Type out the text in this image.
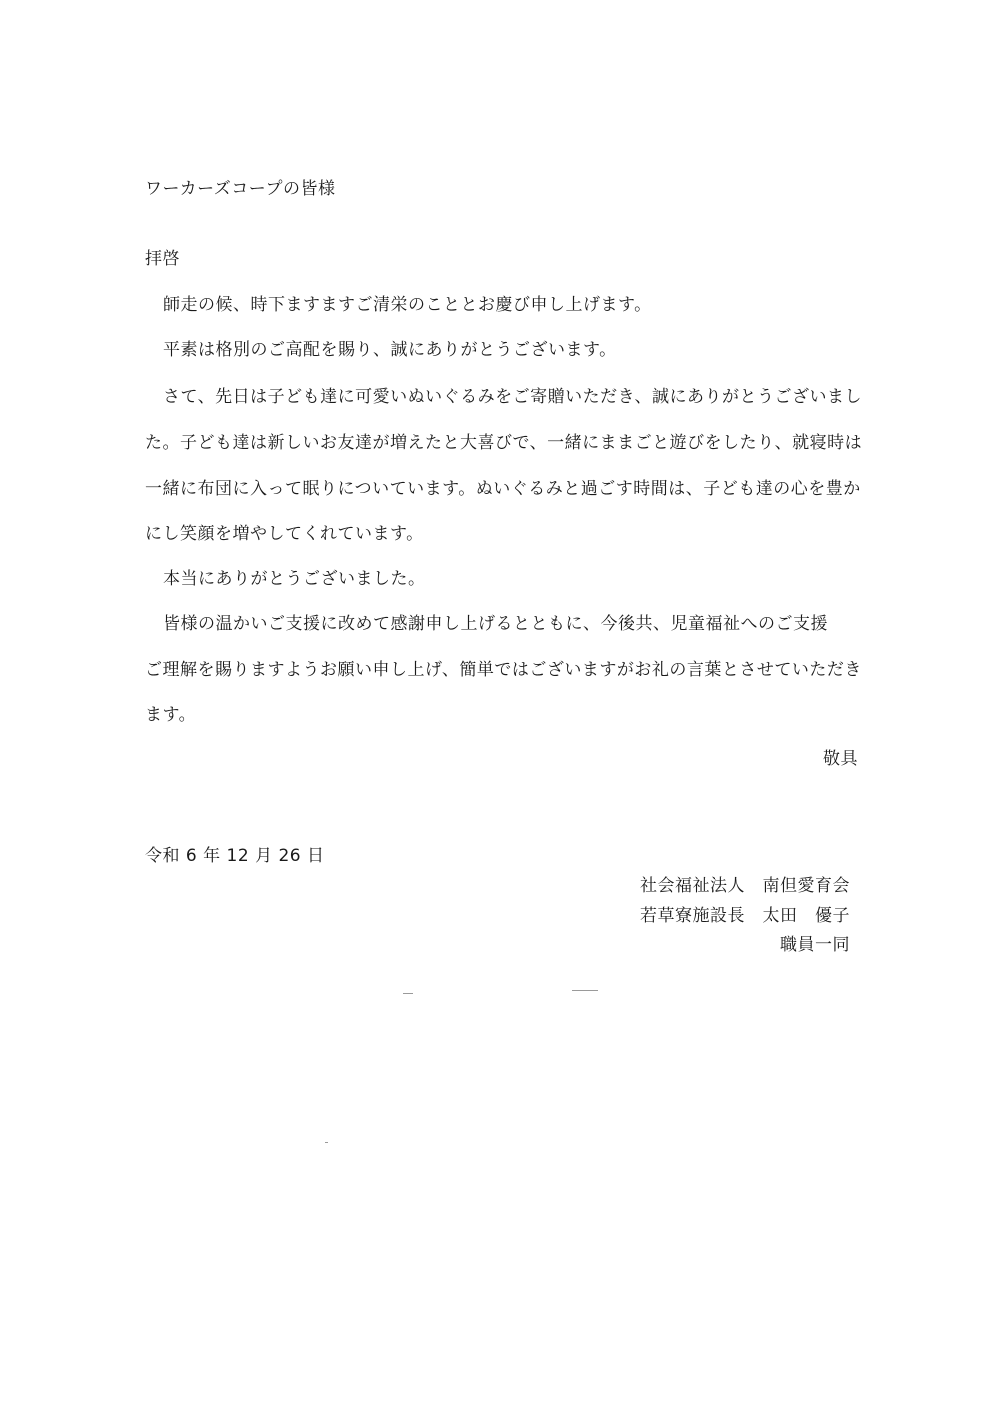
ワーカーズコープの皆様
拝啓
師走の候、時下ますますご清栄のこととお慶び申し上げます。
平素は格別のご高配を賜り、誠にありがとうございます。
さて、先日は子ども達に可愛いぬいぐるみをご寄贈いただき、誠にありがとうございまし
た。子ども達は新しいお友達が増えたと大喜びで、一緒にままごと遊びをしたり、就寝時は
一緒に布団に入って眠りについています。ぬいぐるみと過ごす時間は、子ども達の心を豊か
にし笑顔を増やしてくれています。
本当にありがとうございました。
皆様の温かいご支援に改めて感謝申し上げるとともに、今後共、児童福祉へのご支援
ご理解を賜りますようお願い申し上げ、簡単ではございますがお礼の言葉とさせていただき
ます。
敬具
令和 6 年 12 月 26 日
社会福祉法人　南但愛育会
若草寮施設長　太田　優子
職員一同
